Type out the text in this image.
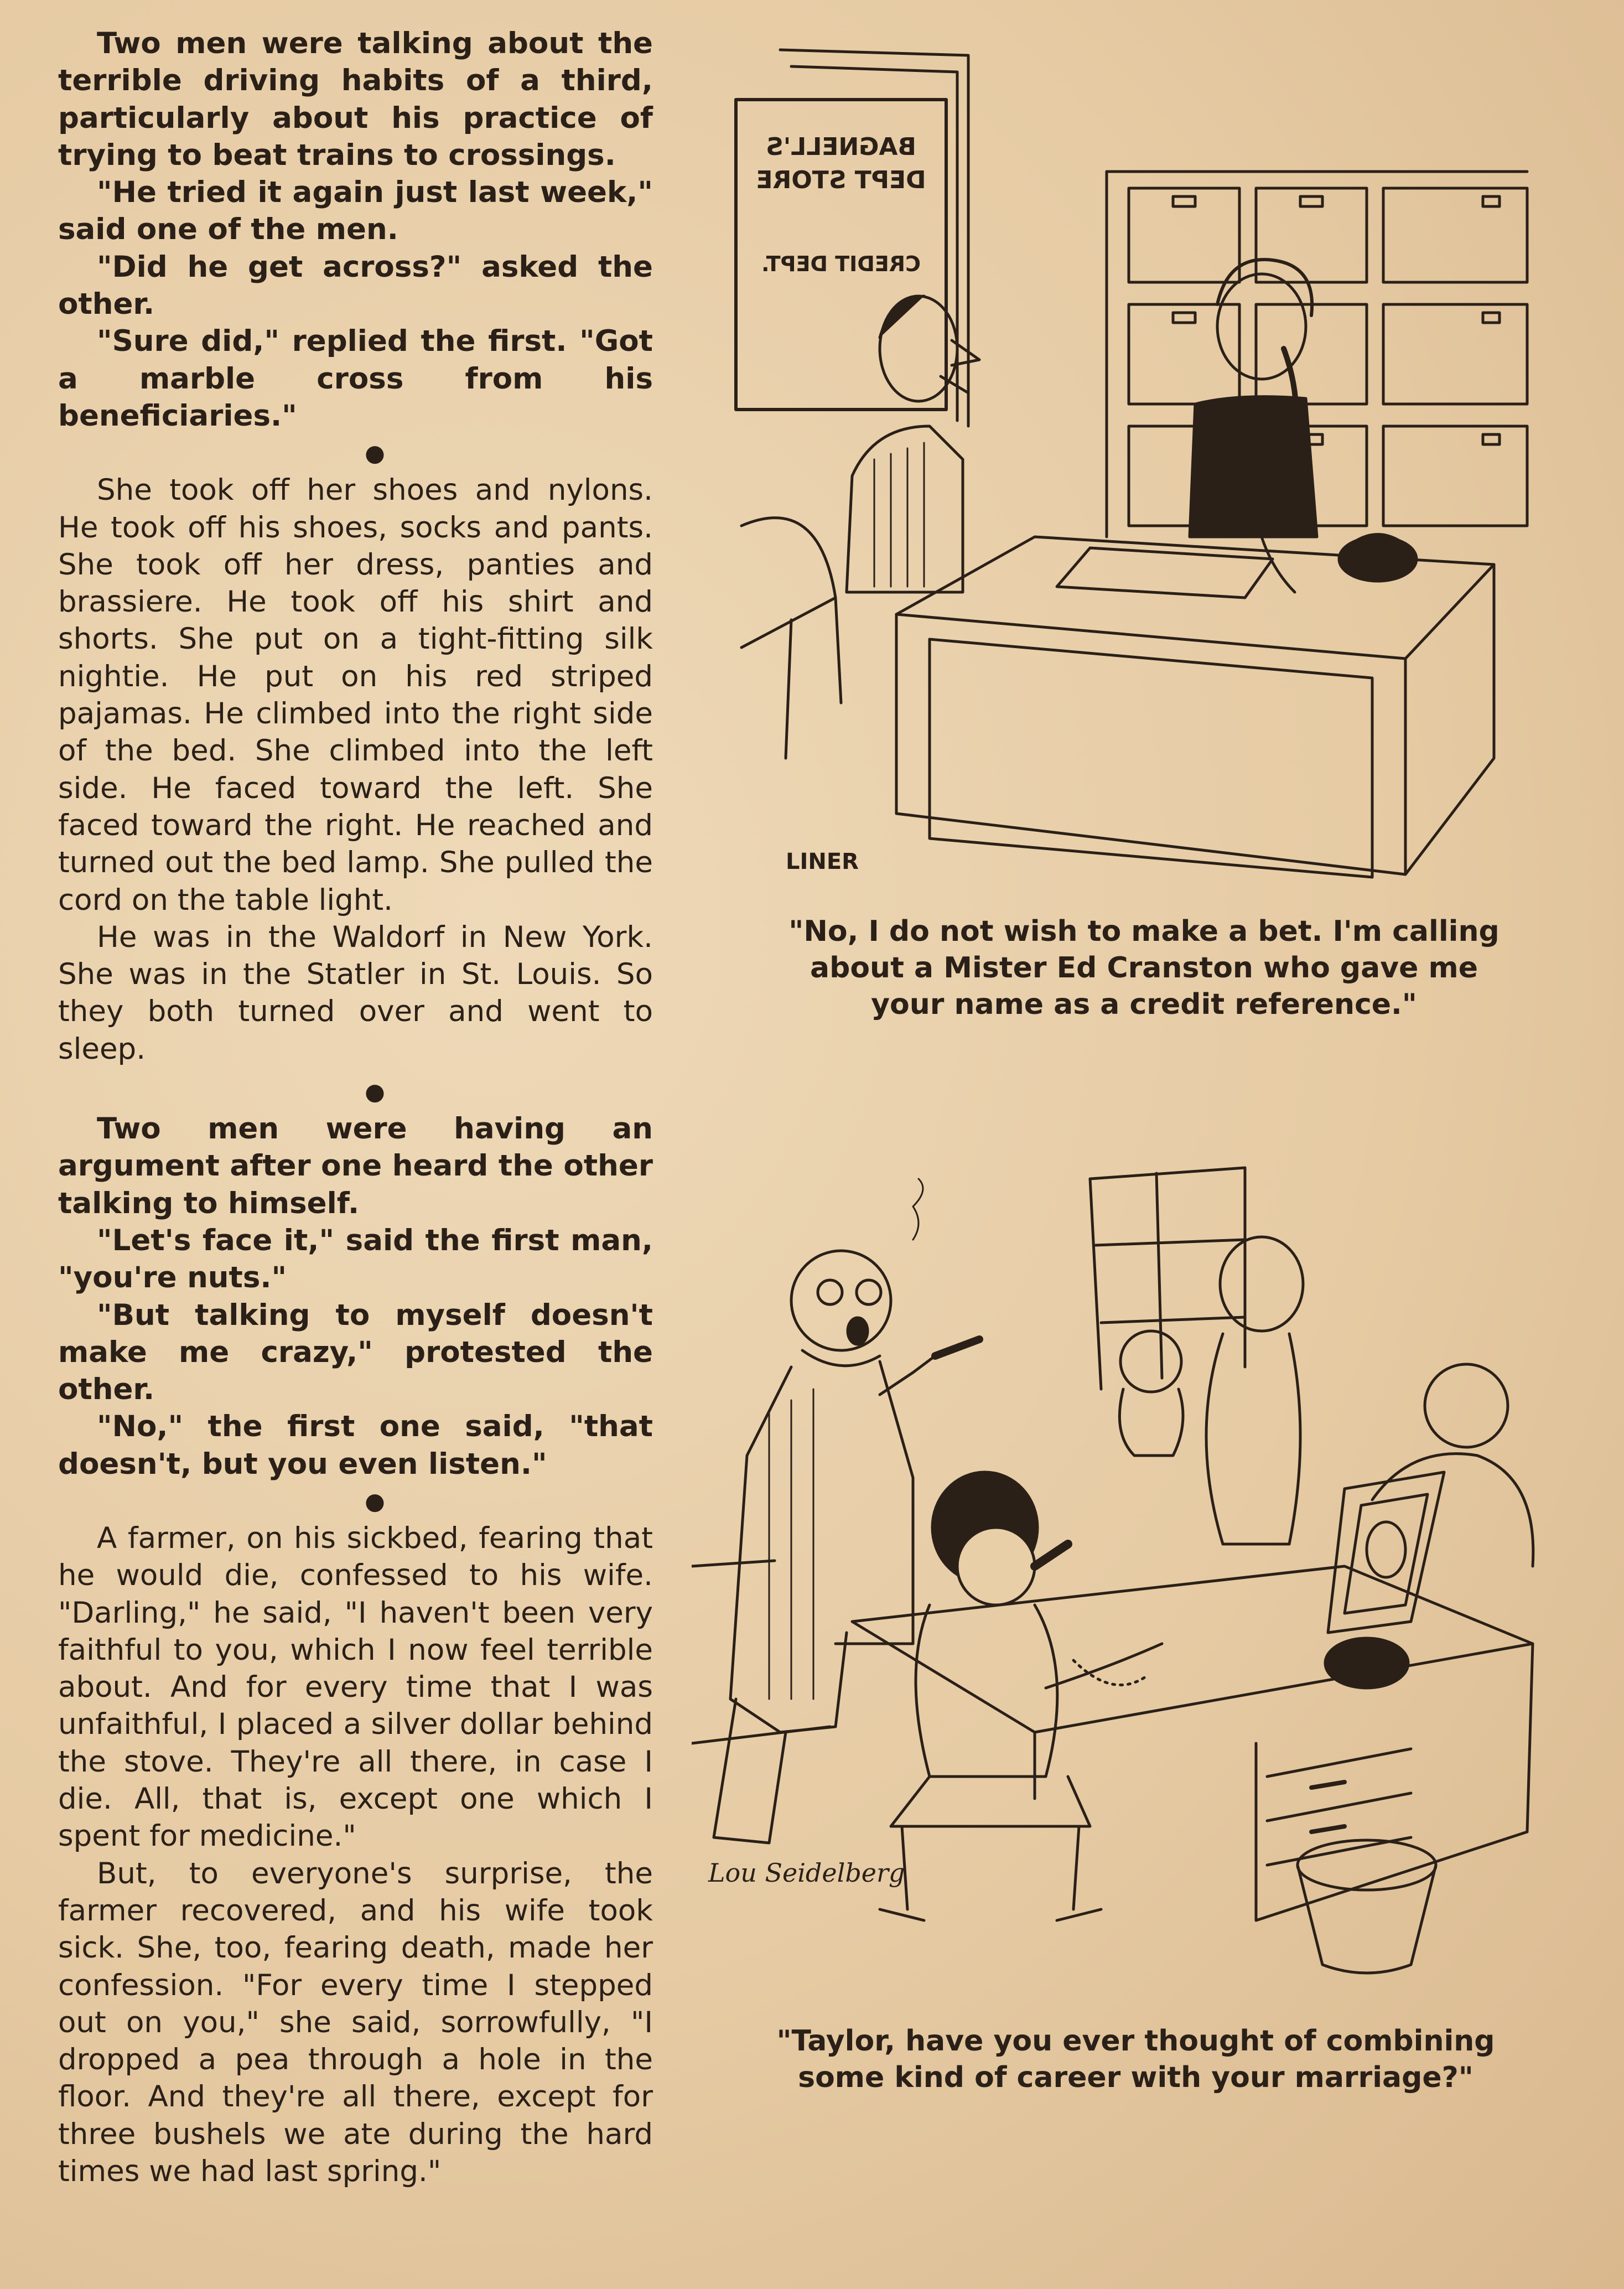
Two men were talking about the terrible driving habits of a third, particularly about his practice of trying to beat trains to crossings.

"He tried it again just last week," said one of the men.

"Did he get across?" asked the other.

"Sure did," replied the first. "Got a marble cross from his beneficiaries."

●

She took off her shoes and nylons. He took off his shoes, socks and pants. She took off her dress, panties and brassiere. He took off his shirt and shorts. She put on a tight-fitting silk nightie. He put on his red striped pajamas. He climbed into the right side of the bed. She climbed into the left side. He faced toward the left. She faced toward the right. He reached and turned out the bed lamp. She pulled the cord on the table light.

He was in the Waldorf in New York. She was in the Statler in St. Louis. So they both turned over and went to sleep.

●

Two men were having an argument after one heard the other talking to himself.

"Let's face it," said the first man, "you're nuts."

"But talking to myself doesn't make me crazy," protested the other.

"No," the first one said, "that doesn't, but you even listen."

●

A farmer, on his sickbed, fearing that he would die, confessed to his wife. "Darling," he said, "I haven't been very faithful to you, which I now feel terrible about. And for every time that I was unfaithful, I placed a silver dollar behind the stove. They're all there, in case I die. All, that is, except one which I spent for medicine."

But, to everyone's surprise, the farmer recovered, and his wife took sick. She, too, fearing death, made her confession. "For every time I stepped out on you," she said, sorrowfully, "I dropped a pea through a hole in the floor. And they're all there, except for three bushels we ate during the hard times we had last spring."

BAGNELL'S
DEPT STORE
CREDIT DEPT.
LINER
"No, I do not wish to make a bet. I'm calling about a Mister Ed Cranston who gave me your name as a credit reference."
Lou Seidelberg
"Taylor, have you ever thought of combining some kind of career with your marriage?"
